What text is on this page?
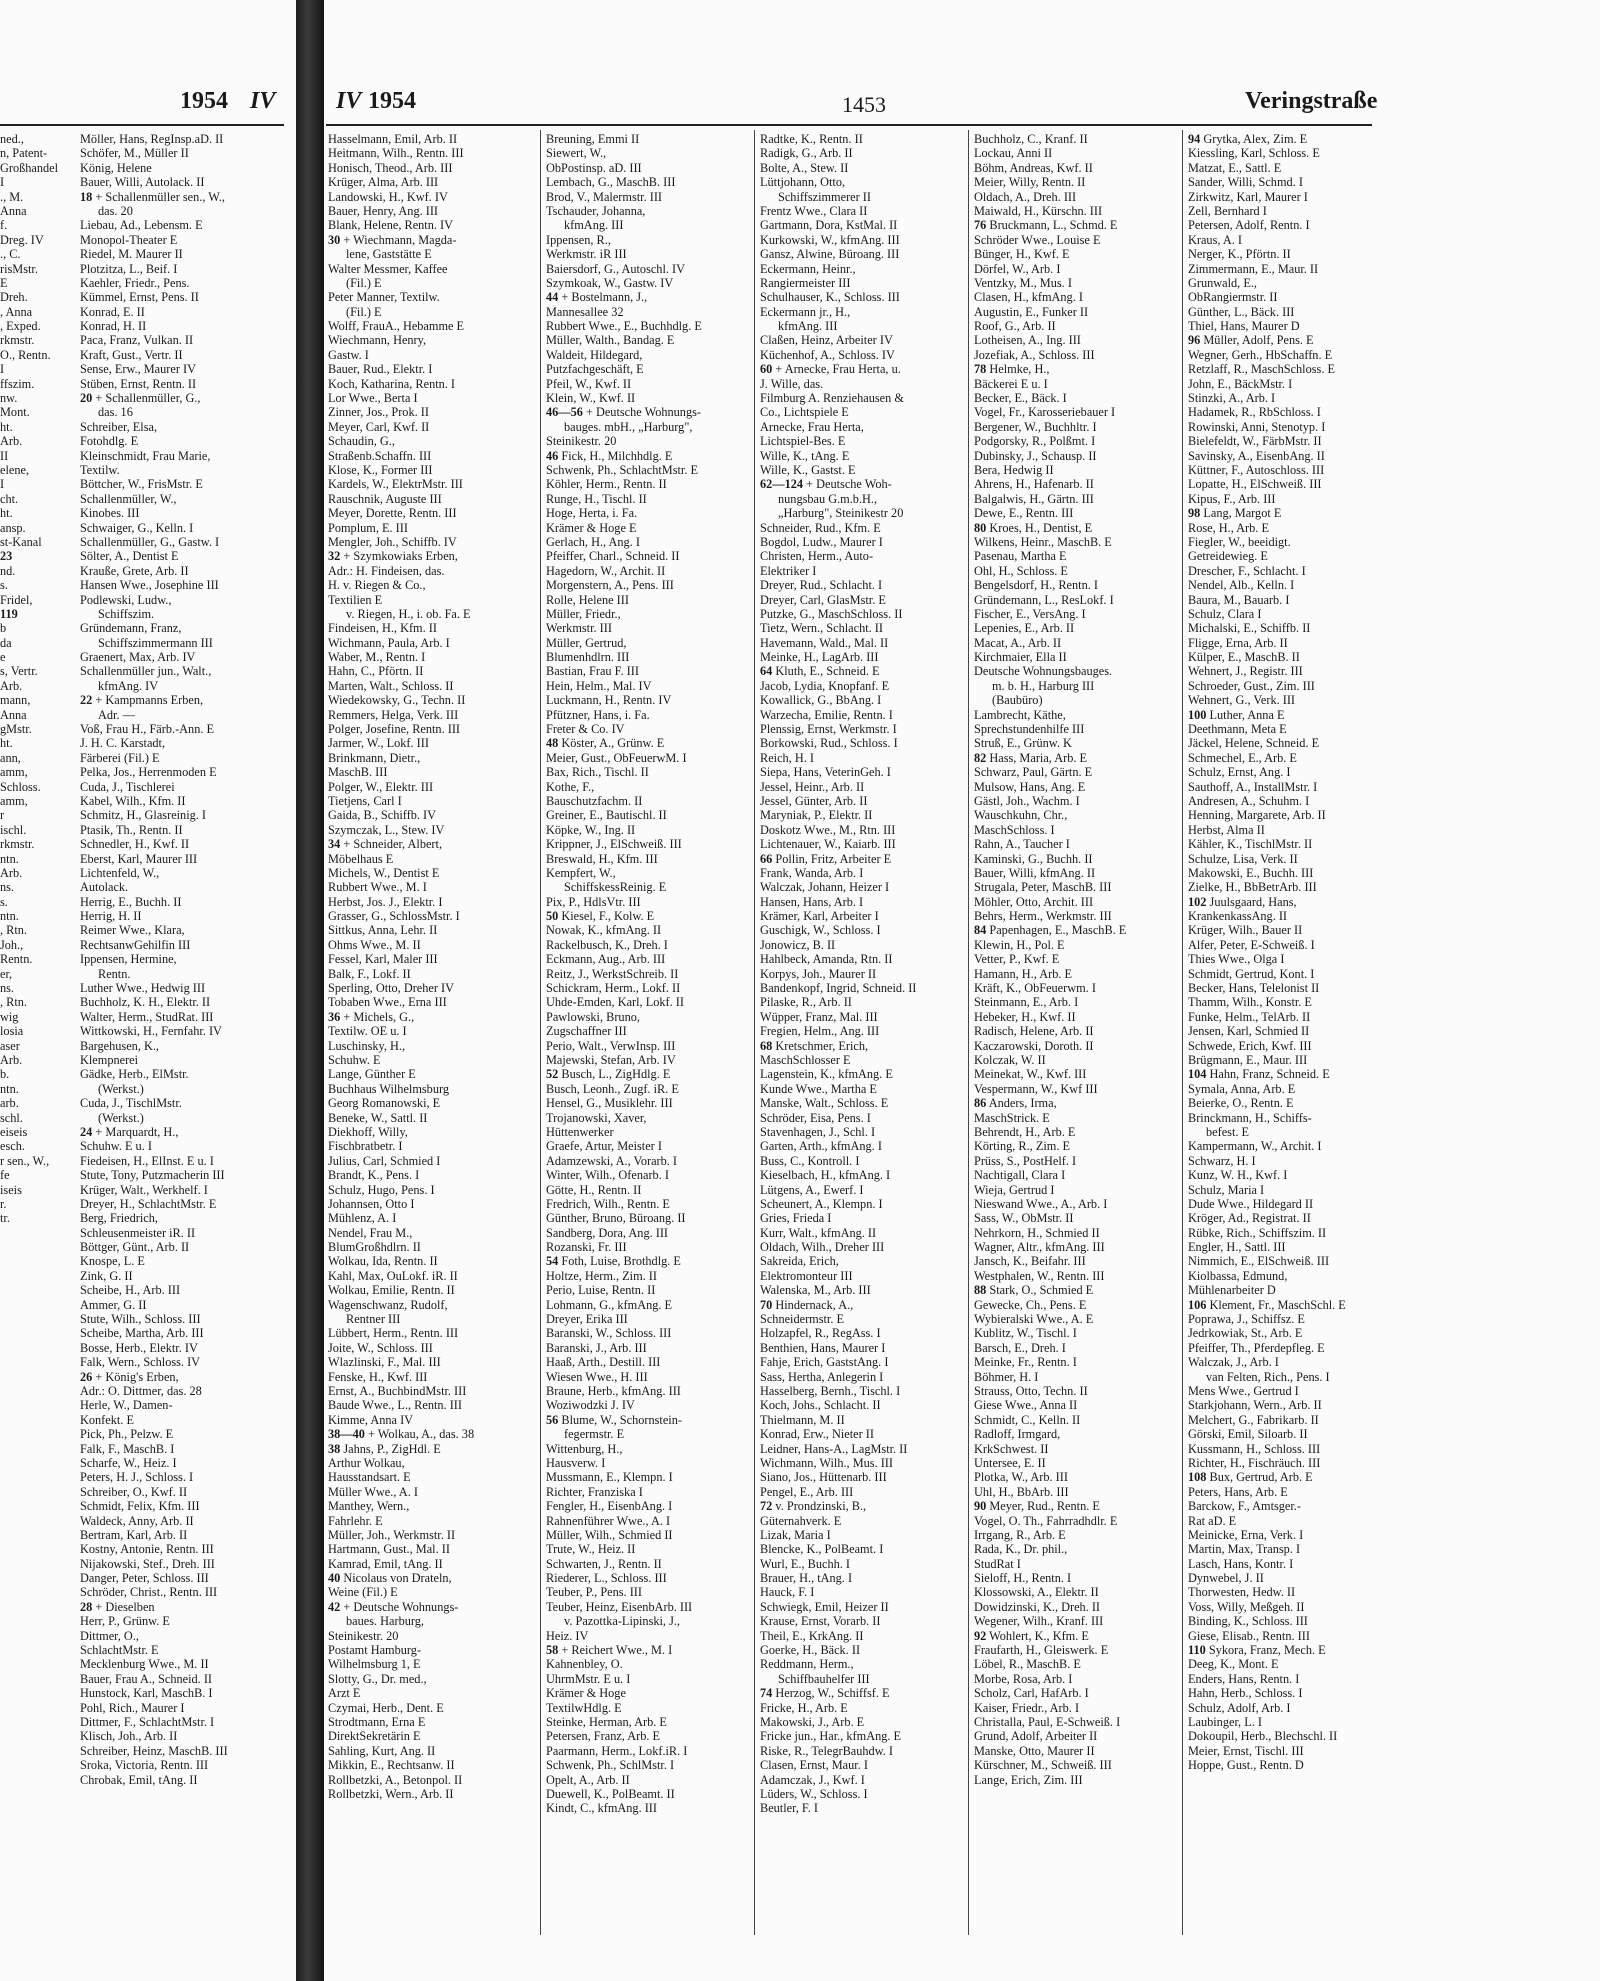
1954 IV	IV 1954	1453	Veringstraße
ned.,
n, Patent-
Großhandel
I
., M.
Anna
f.
Dreg. IV
., C.
risMstr.
E
Dreh.
, Anna
, Exped.
rkmstr.
O., Rentn.
I
ffszim.
nw.
Mont.
ht.
Arb.
II
elene,
I
cht.
ht.
ansp.
st-Kanal
23
nd.
s.
Fridel,
119
b
da
e
s, Vertr.
Arb.
mann,
Anna
gMstr.
ht.
ann,
amm,
Schloss.
amm,
r
ischl.
rkmstr.
ntn.
Arb.
ns.
s.
ntn.
, Rtn.
Joh.,
Rentn.
er,
ns.
, Rtn.
wig
losia
aser
Arb.
b.
ntn.
arb.
schl.
eiseis
esch.
r sen., W.,
fe
iseis
r.
tr.
Möller, Hans, RegInsp.aD. II
Schöfer, M., Müller II
König, Helene
Bauer, Willi, Autolack. II
18 + Schallenmüller sen., W.,
das. 20
Liebau, Ad., Lebensm. E
Monopol-Theater E
Riedel, M. Maurer II
Plotzitza, L., Beif. I
Kaehler, Friedr., Pens.
Kümmel, Ernst, Pens. II
Konrad, E. II
Konrad, H. II
Paca, Franz, Vulkan. II
Kraft, Gust., Vertr. II
Sense, Erw., Maurer IV
Stüben, Ernst, Rentn. II
20 + Schallenmüller, G.,
das. 16
Schreiber, Elsa,
Fotohdlg. E
Kleinschmidt, Frau Marie,
Textilw.
Böttcher, W., FrisMstr. E
Schallenmüller, W.,
Kinobes. III
Schwaiger, G., Kelln. I
Schallenmüller, G., Gastw. I
Sölter, A., Dentist E
Krauße, Grete, Arb. II
Hansen Wwe., Josephine III
Podlewski, Ludw.,
Schiffszim.
Gründemann, Franz,
Schiffszimmermann III
Graenert, Max, Arb. IV
Schallenmüller jun., Walt.,
kfmAng. IV
22 + Kampmanns Erben,
Adr. —
Voß, Frau H., Färb.-Ann. E
J. H. C. Karstadt,
Färberei (Fil.) E
Pelka, Jos., Herrenmoden E
Cuda, J., Tischlerei
Kabel, Wilh., Kfm. II
Schmitz, H., Glasreinig. I
Ptasik, Th., Rentn. II
Schnedler, H., Kwf. II
Eberst, Karl, Maurer III
Lichtenfeld, W.,
Autolack.
Herrig, E., Buchh. II
Herrig, H. II
Reimer Wwe., Klara,
RechtsanwGehilfin III
Ippensen, Hermine,
Rentn.
Luther Wwe., Hedwig III
Buchholz, K. H., Elektr. II
Walter, Herm., StudRat. III
Wittkowski, H., Fernfahr. IV
Bargehusen, K.,
Klempnerei
Gädke, Herb., ElMstr.
(Werkst.)
Cuda, J., TischlMstr.
(Werkst.)
24 + Marquardt, H.,
Schuhw. E u. I
Fiedeisen, H., ElInst. E u. I
Stute, Tony, Putzmacherin III
Krüger, Walt., Werkhelf. I
Dreyer, H., SchlachtMstr. E
Berg, Friedrich,
Schleusenmeister iR. II
Böttger, Günt., Arb. II
Knospe, L. E
Zink, G. II
Scheibe, H., Arb. III
Ammer, G. II
Stute, Wilh., Schloss. III
Scheibe, Martha, Arb. III
Bosse, Herb., Elektr. IV
Falk, Wern., Schloss. IV
26 + König's Erben,
Adr.: O. Dittmer, das. 28
Herle, W., Damen-
Konfekt. E
Pick, Ph., Pelzw. E
Falk, F., MaschB. I
Scharfe, W., Heiz. I
Peters, H. J., Schloss. I
Schreiber, O., Kwf. II
Schmidt, Felix, Kfm. III
Waldeck, Anny, Arb. II
Bertram, Karl, Arb. II
Kostny, Antonie, Rentn. III
Nijakowski, Stef., Dreh. III
Danger, Peter, Schloss. III
Schröder, Christ., Rentn. III
28 + Dieselben
Herr, P., Grünw. E
Dittmer, O.,
SchlachtMstr. E
Mecklenburg Wwe., M. II
Bauer, Frau A., Schneid. II
Hunstock, Karl, MaschB. I
Pohl, Rich., Maurer I
Dittmer, F., SchlachtMstr. I
Klisch, Joh., Arb. II
Schreiber, Heinz, MaschB. III
Sroka, Victoria, Rentn. III
Chrobak, Emil, tAng. II
Hasselmann, Emil, Arb. II
Heitmann, Wilh., Rentn. III
Honisch, Theod., Arb. III
Krüger, Alma, Arb. III
Landowski, H., Kwf. IV
Bauer, Henry, Ang. III
Blank, Helene, Rentn. IV
30 + Wiechmann, Magda-
lene, Gaststätte E
Walter Messmer, Kaffee
(Fil.) E
Peter Manner, Textilw.
(Fil.) E
Wolff, FrauA., Hebamme E
Wiechmann, Henry,
Gastw. I
Bauer, Rud., Elektr. I
Koch, Katharina, Rentn. I
Lor Wwe., Berta I
Zinner, Jos., Prok. II
Meyer, Carl, Kwf. II
Schaudin, G.,
Straßenb.Schaffn. III
Klose, K., Former III
Kardels, W., ElektrMstr. III
Rauschnik, Auguste III
Meyer, Dorette, Rentn. III
Pomplum, E. III
Mengler, Joh., Schiffb. IV
32 + Szymkowiaks Erben,
Adr.: H. Findeisen, das.
H. v. Riegen & Co.,
Textilien E
v. Riegen, H., i. ob. Fa. E
Findeisen, H., Kfm. II
Wichmann, Paula, Arb. I
Waber, M., Rentn. I
Hahn, C., Pförtn. II
Marten, Walt., Schloss. II
Wiedekowsky, G., Techn. II
Remmers, Helga, Verk. III
Polger, Josefine, Rentn. III
Jarmer, W., Lokf. III
Brinkmann, Dietr.,
MaschB. III
Polger, W., Elektr. III
Tietjens, Carl I
Gaida, B., Schiffb. IV
Szymczak, L., Stew. IV
34 + Schneider, Albert,
Möbelhaus E
Michels, W., Dentist E
Rubbert Wwe., M. I
Herbst, Jos. J., Elektr. I
Grasser, G., SchlossMstr. I
Sittkus, Anna, Lehr. II
Ohms Wwe., M. II
Fessel, Karl, Maler III
Balk, F., Lokf. II
Sperling, Otto, Dreher IV
Tobaben Wwe., Erna III
36 + Michels, G.,
Textilw. OE u. I
Luschinsky, H.,
Schuhw. E
Lange, Günther E
Buchhaus Wilhelmsburg
Georg Romanowski, E
Beneke, W., Sattl. II
Diekhoff, Willy,
Fischbratbetr. I
Julius, Carl, Schmied I
Brandt, K., Pens. I
Schulz, Hugo, Pens. I
Johannsen, Otto I
Mühlenz, A. I
Nendel, Frau M.,
BlumGroßhdlrn. II
Wolkau, Ida, Rentn. II
Kahl, Max, OuLokf. iR. II
Wolkau, Emilie, Rentn. II
Wagenschwanz, Rudolf,
Rentner III
Lübbert, Herm., Rentn. III
Joite, W., Schloss. III
Wlazlinski, F., Mal. III
Fenske, H., Kwf. III
Ernst, A., BuchbindMstr. III
Baude Wwe., L., Rentn. III
Kimme, Anna IV
38—40 + Wolkau, A., das. 38
38 Jahns, P., ZigHdl. E
Arthur Wolkau,
Hausstandsart. E
Müller Wwe., A. I
Manthey, Wern.,
Fahrlehr. E
Müller, Joh., Werkmstr. II
Hartmann, Gust., Mal. II
Kamrad, Emil, tAng. II
40 Nicolaus von Drateln,
Weine (Fil.) E
42 + Deutsche Wohnungs-
baues. Harburg,
Steinikestr. 20
Postamt Hamburg-
Wilhelmsburg 1, E
Slotty, G., Dr. med.,
Arzt E
Czymai, Herb., Dent. E
Strodtmann, Erna E
DirektSekretärin E
Sahling, Kurt, Ang. II
Mikkin, E., Rechtsanw. II
Rollbetzki, A., Betonpol. II
Rollbetzki, Wern., Arb. II
Breuning, Emmi II
Siewert, W.,
ObPostinsp. aD. III
Lembach, G., MaschB. III
Brod, V., Malermstr. III
Tschauder, Johanna,
kfmAng. III
Ippensen, R.,
Werkmstr. iR III
Baiersdorf, G., Autoschl. IV
Szymkoak, W., Gastw. IV
44 + Bostelmann, J.,
Mannesallee 32
Rubbert Wwe., E., Buchhdlg. E
Müller, Walth., Bandag. E
Waldeit, Hildegard,
Putzfachgeschäft, E
Pfeil, W., Kwf. II
Klein, W., Kwf. II
46—56 + Deutsche Wohnungs-
bauges. mbH., „Harburg",
Steinikestr. 20
46 Fick, H., Milchhdlg. E
Schwenk, Ph., SchlachtMstr. E
Köhler, Herm., Rentn. II
Runge, H., Tischl. II
Hoge, Herta, i. Fa.
Krämer & Hoge E
Gerlach, H., Ang. I
Pfeiffer, Charl., Schneid. II
Hagedorn, W., Archit. II
Morgenstern, A., Pens. III
Rolle, Helene III
Müller, Friedr.,
Werkmstr. III
Müller, Gertrud,
Blumenhdlrn. III
Bastian, Frau F. III
Hein, Helm., Mal. IV
Luckmann, H., Rentn. IV
Pfützner, Hans, i. Fa.
Freter & Co. IV
48 Köster, A., Grünw. E
Meier, Gust., ObFeuerwM. I
Bax, Rich., Tischl. II
Kothe, F.,
Bauschutzfachm. II
Greiner, E., Bautischl. II
Köpke, W., Ing. II
Krippner, J., ElSchweiß. III
Breswald, H., Kfm. III
Kempfert, W.,
SchiffskessReinig. E
Pix, P., HdlsVtr. III
50 Kiesel, F., Kolw. E
Nowak, K., kfmAng. II
Rackelbusch, K., Dreh. I
Eckmann, Aug., Arb. III
Reitz, J., WerkstSchreib. II
Schickram, Herm., Lokf. II
Uhde-Emden, Karl, Lokf. II
Pawlowski, Bruno,
Zugschaffner III
Perio, Walt., VerwInsp. III
Majewski, Stefan, Arb. IV
52 Busch, L., ZigHdlg. E
Busch, Leonh., Zugf. iR. E
Hensel, G., Musiklehr. III
Trojanowski, Xaver,
Hüttenwerker
Graefe, Artur, Meister I
Adamzewski, A., Vorarb. I
Winter, Wilh., Ofenarb. I
Götte, H., Rentn. II
Fredrich, Wilh., Rentn. E
Günther, Bruno, Büroang. II
Sandberg, Dora, Ang. III
Rozanski, Fr. III
54 Foth, Luise, Brothdlg. E
Holtze, Herm., Zim. II
Perio, Luise, Rentn. II
Lohmann, G., kfmAng. E
Dreyer, Erika III
Baranski, W., Schloss. III
Baranski, J., Arb. III
Haaß, Arth., Destill. III
Wiesen Wwe., H. III
Braune, Herb., kfmAng. III
Woziwodzki J. IV
56 Blume, W., Schornstein-
fegermstr. E
Wittenburg, H.,
Hausverw. I
Mussmann, E., Klempn. I
Richter, Franziska I
Fengler, H., EisenbAng. I
Rahnenführer Wwe., A. I
Müller, Wilh., Schmied II
Trute, W., Heiz. II
Schwarten, J., Rentn. II
Riederer, L., Schloss. III
Teuber, P., Pens. III
Teuber, Heinz, EisenbArb. III
v. Pazottka-Lipinski, J.,
Heiz. IV
58 + Reichert Wwe., M. I
Kahnenbley, O.
UhrmMstr. E u. I
Krämer & Hoge
TextilwHdlg. E
Steinke, Herman, Arb. E
Petersen, Franz, Arb. E
Paarmann, Herm., Lokf.iR. I
Schwenk, Ph., SchlMstr. I
Opelt, A., Arb. II
Duewell, K., PolBeamt. II
Kindt, C., kfmAng. III
Radtke, K., Rentn. II
Radigk, G., Arb. II
Bolte, A., Stew. II
Lüttjohann, Otto,
Schiffszimmerer II
Frentz Wwe., Clara II
Gartmann, Dora, KstMal. II
Kurkowski, W., kfmAng. III
Gansz, Alwine, Büroang. III
Eckermann, Heinr.,
Rangiermeister III
Schulhauser, K., Schloss. III
Eckermann jr., H.,
kfmAng. III
Claßen, Heinz, Arbeiter IV
Küchenhof, A., Schloss. IV
60 + Arnecke, Frau Herta, u.
J. Wille, das.
Filmburg A. Renziehausen &
Co., Lichtspiele E
Arnecke, Frau Herta,
Lichtspiel-Bes. E
Wille, K., tAng. E
Wille, K., Gastst. E
62—124 + Deutsche Woh-
nungsbau G.m.b.H.,
„Harburg", Steinikestr 20
Schneider, Rud., Kfm. E
Bogdol, Ludw., Maurer I
Christen, Herm., Auto-
Elektriker I
Dreyer, Rud., Schlacht. I
Dreyer, Carl, GlasMstr. E
Putzke, G., MaschSchloss. II
Tietz, Wern., Schlacht. II
Havemann, Wald., Mal. II
Meinke, H., LagArb. III
64 Kluth, E., Schneid. E
Jacob, Lydia, Knopfanf. E
Kowallick, G., BbAng. I
Warzecha, Emilie, Rentn. I
Plenssig, Ernst, Werkmstr. I
Borkowski, Rud., Schloss. I
Reich, H. I
Siepa, Hans, VeterinGeh. I
Jessel, Heinr., Arb. II
Jessel, Günter, Arb. II
Maryniak, P., Elektr. II
Doskotz Wwe., M., Rtn. III
Lichtenauer, W., Kaiarb. III
66 Pollin, Fritz, Arbeiter E
Frank, Wanda, Arb. I
Walczak, Johann, Heizer I
Hansen, Hans, Arb. I
Krämer, Karl, Arbeiter I
Guschigk, W., Schloss. I
Jonowicz, B. II
Hahlbeck, Amanda, Rtn. II
Korpys, Joh., Maurer II
Bandenkopf, Ingrid, Schneid. II
Pilaske, R., Arb. II
Wüpper, Franz, Mal. III
Fregien, Helm., Ang. III
68 Kretschmer, Erich,
MaschSchlosser E
Lagenstein, K., kfmAng. E
Kunde Wwe., Martha E
Manske, Walt., Schloss. E
Schröder, Eisa, Pens. I
Stavenhagen, J., Schl. I
Garten, Arth., kfmAng. I
Buss, C., Kontroll. I
Kieselbach, H., kfmAng. I
Lütgens, A., Ewerf. I
Scheunert, A., Klempn. I
Gries, Frieda I
Kurr, Walt., kfmAng. II
Oldach, Wilh., Dreher III
Sakreida, Erich,
Elektromonteur III
Walenska, M., Arb. III
70 Hindernack, A.,
Schneidermstr. E
Holzapfel, R., RegAss. I
Benthien, Hans, Maurer I
Fahje, Erich, GaststAng. I
Sass, Hertha, Anlegerin I
Hasselberg, Bernh., Tischl. I
Koch, Johs., Schlacht. II
Thielmann, M. II
Konrad, Erw., Nieter II
Leidner, Hans-A., LagMstr. II
Wichmann, Wilh., Mus. III
Siano, Jos., Hüttenarb. III
Pengel, E., Arb. III
72 v. Prondzinski, B.,
Güternahverk. E
Lizak, Maria I
Blencke, K., PolBeamt. I
Wurl, E., Buchh. I
Brauer, H., tAng. I
Hauck, F. I
Schwiegk, Emil, Heizer II
Krause, Ernst, Vorarb. II
Theil, E., KrkAng. II
Goerke, H., Bäck. II
Reddmann, Herm.,
Schiffbauhelfer III
74 Herzog, W., Schiffsf. E
Fricke, H., Arb. E
Makowski, J., Arb. E
Fricke jun., Har., kfmAng. E
Riske, R., TelegrBauhdw. I
Clasen, Ernst, Maur. I
Adamczak, J., Kwf. I
Lüders, W., Schloss. I
Beutler, F. I
Buchholz, C., Kranf. II
Lockau, Anni II
Böhm, Andreas, Kwf. II
Meier, Willy, Rentn. II
Oldach, A., Dreh. III
Maiwald, H., Kürschn. III
76 Bruckmann, L., Schmd. E
Schröder Wwe., Louise E
Bünger, H., Kwf. E
Dörfel, W., Arb. I
Ventzky, M., Mus. I
Clasen, H., kfmAng. I
Augustin, E., Funker II
Roof, G., Arb. II
Lotheisen, A., Ing. III
Jozefiak, A., Schloss. III
78 Helmke, H.,
Bäckerei E u. I
Becker, E., Bäck. I
Vogel, Fr., Karosseriebauer I
Bergener, W., Buchhltr. I
Podgorsky, R., Polßmt. I
Dubinsky, J., Schausp. II
Bera, Hedwig II
Ahrens, H., Hafenarb. II
Balgalwis, H., Gärtn. III
Dewe, E., Rentn. III
80 Kroes, H., Dentist, E
Wilkens, Heinr., MaschB. E
Pasenau, Martha E
Ohl, H., Schloss. E
Bengelsdorf, H., Rentn. I
Gründemann, L., ResLokf. I
Fischer, E., VersAng. I
Lepenies, E., Arb. II
Macat, A., Arb. II
Kirchmaier, Ella II
Deutsche Wohnungsbauges.
m. b. H., Harburg III
(Baubüro)
Lambrecht, Käthe,
Sprechstundenhilfe III
Struß, E., Grünw. K
82 Hass, Maria, Arb. E
Schwarz, Paul, Gärtn. E
Mulsow, Hans, Ang. E
Gästl, Joh., Wachm. I
Wauschkuhn, Chr.,
MaschSchloss. I
Rahn, A., Taucher I
Kaminski, G., Buchh. II
Bauer, Willi, kfmAng. II
Strugala, Peter, MaschB. III
Möhler, Otto, Archit. III
Behrs, Herm., Werkmstr. III
84 Papenhagen, E., MaschB. E
Klewin, H., Pol. E
Vetter, P., Kwf. E
Hamann, H., Arb. E
Kräft, K., ObFeuerwm. I
Steinmann, E., Arb. I
Hebeker, H., Kwf. II
Radisch, Helene, Arb. II
Kaczarowski, Doroth. II
Kolczak, W. II
Meinekat, W., Kwf. III
Vespermann, W., Kwf III
86 Anders, Irma,
MaschStrick. E
Behrendt, H., Arb. E
Körting, R., Zim. E
Prüss, S., PostHelf. I
Nachtigall, Clara I
Wieja, Gertrud I
Nieswand Wwe., A., Arb. I
Sass, W., ObMstr. II
Nehrkorn, H., Schmied II
Wagner, Altr., kfmAng. III
Jansch, K., Beifahr. III
Westphalen, W., Rentn. III
88 Stark, O., Schmied E
Gewecke, Ch., Pens. E
Wybieralski Wwe., A. E
Kublitz, W., Tischl. I
Barsch, E., Dreh. I
Meinke, Fr., Rentn. I
Böhmer, H. I
Strauss, Otto, Techn. II
Giese Wwe., Anna II
Schmidt, C., Kelln. II
Radloff, Irmgard,
KrkSchwest. II
Untersee, E. II
Plotka, W., Arb. III
Uhl, H., BbArb. III
90 Meyer, Rud., Rentn. E
Vogel, O. Th., Fahrradhdlr. E
Irrgang, R., Arb. E
Rada, K., Dr. phil.,
StudRat I
Sieloff, H., Rentn. I
Klossowski, A., Elektr. II
Dowidzinski, K., Dreh. II
Wegener, Wilh., Kranf. III
92 Wohlert, K., Kfm. E
Fraufarth, H., Gleiswerk. E
Löbel, R., MaschB. E
Morbe, Rosa, Arb. I
Scholz, Carl, HafArb. I
Kaiser, Friedr., Arb. I
Christalla, Paul, E-Schweiß. I
Grund, Adolf, Arbeiter II
Manske, Otto, Maurer II
Kürschner, M., Schweiß. III
Lange, Erich, Zim. III
94 Grytka, Alex, Zim. E
Kiessling, Karl, Schloss. E
Matzat, E., Sattl. E
Sander, Willi, Schmd. I
Zirkwitz, Karl, Maurer I
Zell, Bernhard I
Petersen, Adolf, Rentn. I
Kraus, A. I
Nerger, K., Pförtn. II
Zimmermann, E., Maur. II
Grunwald, E.,
ObRangiermstr. II
Günther, L., Bäck. III
Thiel, Hans, Maurer D
96 Müller, Adolf, Pens. E
Wegner, Gerh., HbSchaffn. E
Retzlaff, R., MaschSchloss. E
John, E., BäckMstr. I
Stinzki, A., Arb. I
Hadamek, R., RbSchloss. I
Rowinski, Anni, Stenotyp. I
Bielefeldt, W., FärbMstr. II
Savinsky, A., EisenbAng. II
Küttner, F., Autoschloss. III
Lopatte, H., ElSchweiß. III
Kipus, F., Arb. III
98 Lang, Margot E
Rose, H., Arb. E
Fiegler, W., beeidigt.
Getreidewieg. E
Drescher, F., Schlacht. I
Nendel, Alb., Kelln. I
Baura, M., Bauarb. I
Schulz, Clara I
Michalski, E., Schiffb. II
Fligge, Erna, Arb. II
Külper, E., MaschB. II
Wehnert, J., Registr. III
Schroeder, Gust., Zim. III
Wehnert, G., Verk. III
100 Luther, Anna E
Deethmann, Meta E
Jäckel, Helene, Schneid. E
Schmechel, E., Arb. E
Schulz, Ernst, Ang. I
Sauthoff, A., InstallMstr. I
Andresen, A., Schuhm. I
Henning, Margarete, Arb. II
Herbst, Alma II
Kähler, K., TischlMstr. II
Schulze, Lisa, Verk. II
Makowski, E., Buchh. III
Zielke, H., BbBetrArb. III
102 Juulsgaard, Hans,
KrankenkassAng. II
Krüger, Wilh., Bauer II
Alfer, Peter, E-Schweiß. I
Thies Wwe., Olga I
Schmidt, Gertrud, Kont. I
Becker, Hans, Telelonist II
Thamm, Wilh., Konstr. E
Funke, Helm., TelArb. II
Jensen, Karl, Schmied II
Schwede, Erich, Kwf. III
Brügmann, E., Maur. III
104 Hahn, Franz, Schneid. E
Symala, Anna, Arb. E
Beierke, O., Rentn. E
Brinckmann, H., Schiffs-
befest. E
Kampermann, W., Archit. I
Schwarz, H. I
Kunz, W. H., Kwf. I
Schulz, Maria I
Dude Wwe., Hildegard II
Kröger, Ad., Registrat. II
Rübke, Rich., Schiffszim. II
Engler, H., Sattl. III
Nimmich, E., ElSchweiß. III
Kiolbassa, Edmund,
Mühlenarbeiter D
106 Klement, Fr., MaschSchl. E
Poprawa, J., Schiffsz. E
Jedrkowiak, St., Arb. E
Pfeiffer, Th., Pferdepfleg. E
Walczak, J., Arb. I
van Felten, Rich., Pens. I
Mens Wwe., Gertrud I
Starkjohann, Wern., Arb. II
Melchert, G., Fabrikarb. II
Görski, Emil, Siloarb. II
Kussmann, H., Schloss. III
Richter, H., Fischräuch. III
108 Bux, Gertrud, Arb. E
Peters, Hans, Arb. E
Barckow, F., Amtsger.-
Rat aD. E
Meinicke, Erna, Verk. I
Martin, Max, Transp. I
Lasch, Hans, Kontr. I
Dynwebel, J. II
Thorwesten, Hedw. II
Voss, Willy, Meßgeh. II
Binding, K., Schloss. III
Giese, Elisab., Rentn. III
110 Sykora, Franz, Mech. E
Deeg, K., Mont. E
Enders, Hans, Rentn. I
Hahn, Herb., Schloss. I
Schulz, Adolf, Arb. I
Laubinger, L. I
Dokoupil, Herb., Blechschl. II
Meier, Ernst, Tischl. III
Hoppe, Gust., Rentn. D
